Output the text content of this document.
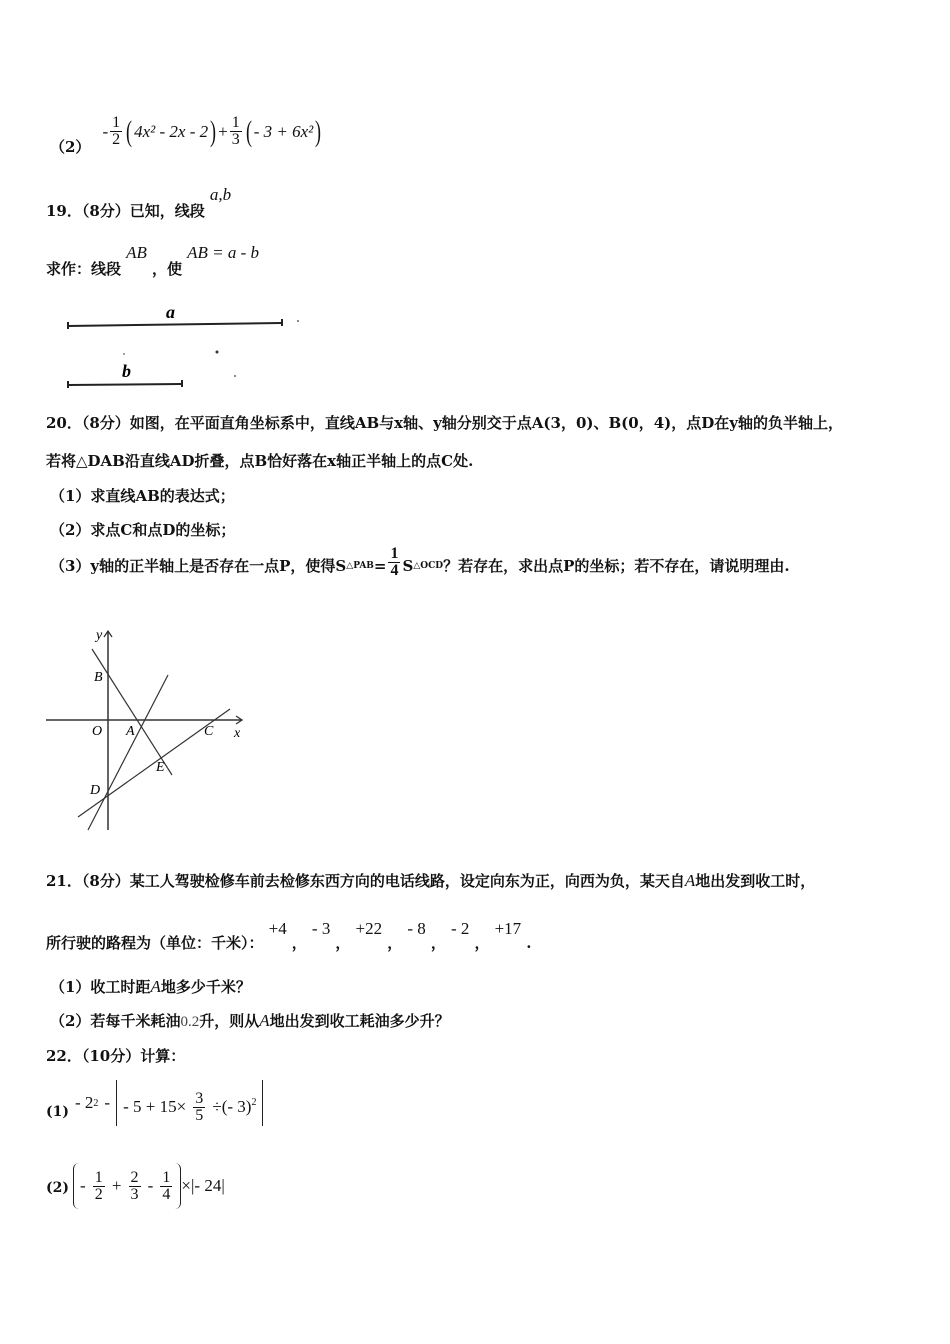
（2）
- $\frac{1}{2}$ ( 4x² - 2x - 2 ) + $\frac{1}{3}$ ( - 3 + 6x² )
19．（8分）已知，线段 a,b
求作：线段 AB ，使 AB = a - b
a
b
20．（8分）如图，在平面直角坐标系中，直线AB与x轴、y轴分别交于点A(3，0)、B(0，4)，点D在y轴的负半轴上，
若将△DAB沿直线AD折叠，点B恰好落在x轴正半轴上的点C处.
（1）求直线AB的表达式；
（2）求点C和点D的坐标；
（3）y轴的正半轴上是否存在一点P，使得S △PAB = $\frac{1}{4}$ S △OCD ？若存在，求出点P的坐标；若不存在，请说明理由.
y
x
B
O A	C
E
D
21．（8分）某工人驾驶检修车前去检修东西方向的电话线路，设定向东为正，向西为负，某天自A地出发到收工时，
所行驶的路程为（单位：千米）： +4 ， - 3 ， +22 ， - 8 ， - 2 ， +17 .
（1）收工时距A地多少千米？
（2）若每千米耗油0.2升，则从A地出发到收工耗油多少升？
22．（10分）计算：
(1) - 2 2 - - $5 + 15\times \frac{3}{5}$ ÷(- 3)$^2$
$(2) - \frac{1}{2} + \frac{2}{3} - \frac{1}{4}$ × |- 24|
